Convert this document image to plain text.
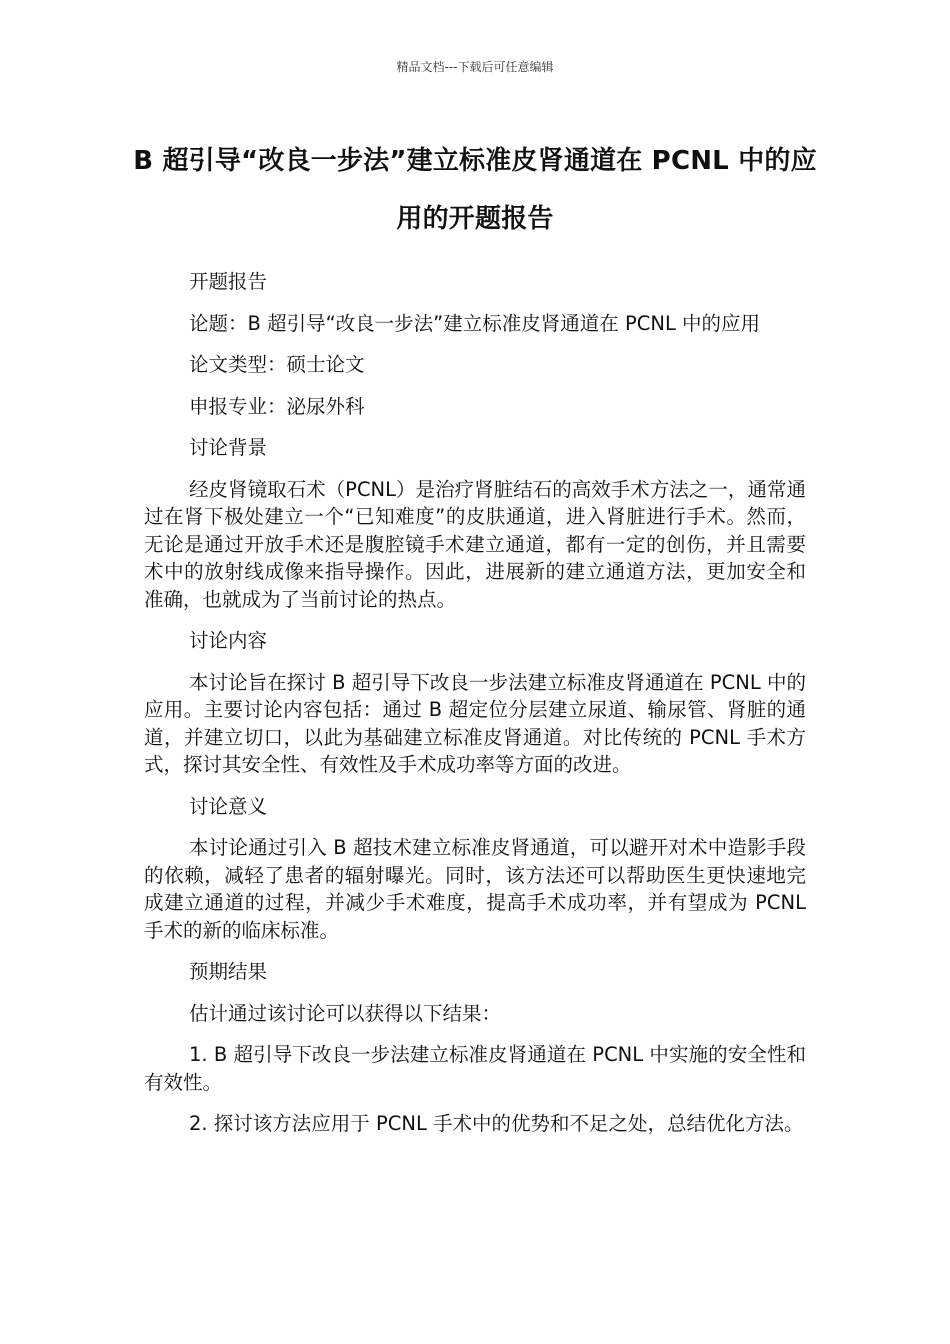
精品文档---下载后可任意编辑
B 超引导“改良一步法”建立标准皮肾通道在 PCNL 中的应用的开题报告

开题报告

论题：B 超引导“改良一步法”建立标准皮肾通道在 PCNL 中的应用

论文类型：硕士论文

申报专业：泌尿外科

讨论背景

经皮肾镜取石术（PCNL）是治疗肾脏结石的高效手术方法之一，通常通过在肾下极处建立一个“已知难度”的皮肤通道，进入肾脏进行手术。然而，无论是通过开放手术还是腹腔镜手术建立通道，都有一定的创伤，并且需要术中的放射线成像来指导操作。因此，进展新的建立通道方法，更加安全和准确，也就成为了当前讨论的热点。

讨论内容

本讨论旨在探讨 B 超引导下改良一步法建立标准皮肾通道在 PCNL 中的应用。主要讨论内容包括：通过 B 超定位分层建立尿道、输尿管、肾脏的通道，并建立切口，以此为基础建立标准皮肾通道。对比传统的 PCNL 手术方式，探讨其安全性、有效性及手术成功率等方面的改进。

讨论意义

本讨论通过引入 B 超技术建立标准皮肾通道，可以避开对术中造影手段的依赖，减轻了患者的辐射曝光。同时，该方法还可以帮助医生更快速地完成建立通道的过程，并减少手术难度，提高手术成功率，并有望成为 PCNL 手术的新的临床标准。

预期结果

估计通过该讨论可以获得以下结果：

1. B 超引导下改良一步法建立标准皮肾通道在 PCNL 中实施的安全性和有效性。

2. 探讨该方法应用于 PCNL 手术中的优势和不足之处，总结优化方法。
